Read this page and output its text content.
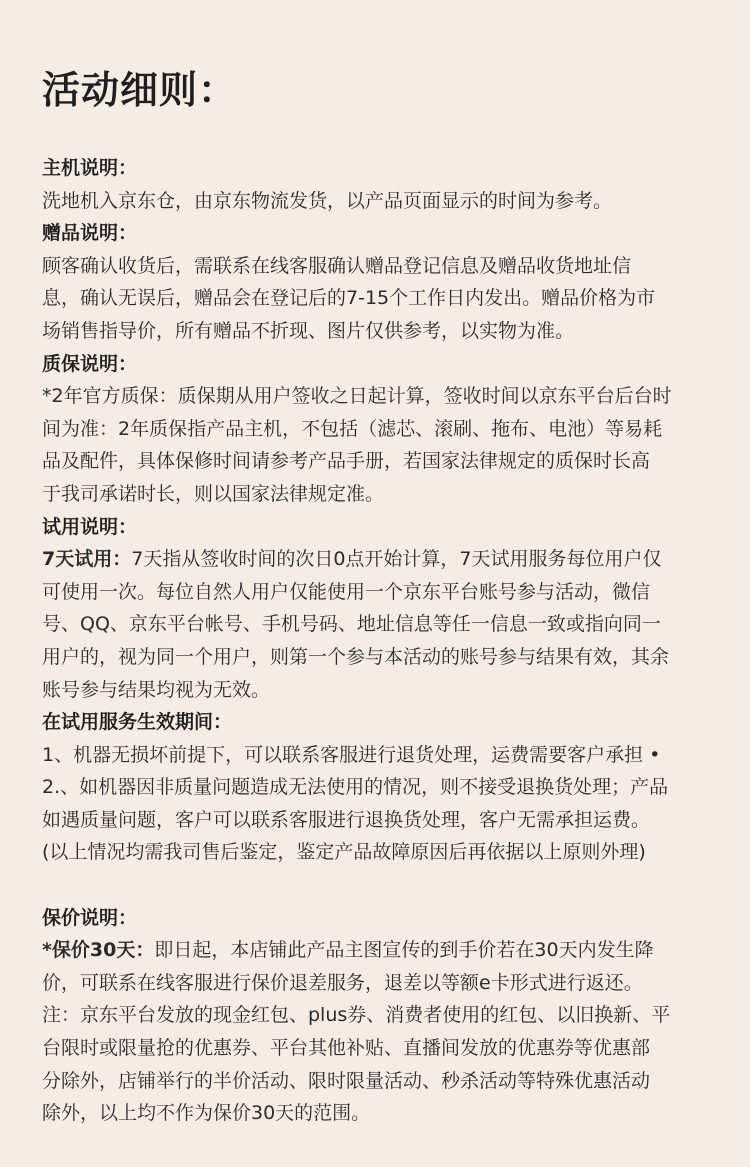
活动细则：
主机说明：
洗地机入京东仓，由京东物流发货，以产品页面显示的时间为参考。
赠品说明：
顾客确认收货后，需联系在线客服确认赠品登记信息及赠品收货地址信
息，确认无误后，赠品会在登记后的7-15个工作日内发出。赠品价格为市
场销售指导价，所有赠品不折现、图片仅供参考，以实物为准。
质保说明：
*2年官方质保：质保期从用户签收之日起计算，签收时间以京东平台后台时
间为准：2年质保指产品主机，不包括（滤芯、滚刷、拖布、电池）等易耗
品及配件，具体保修时间请参考产品手册，若国家法律规定的质保时长高
于我司承诺时长，则以国家法律规定准。
试用说明：
7天试用：7天指从签收时间的次日0点开始计算，7天试用服务每位用户仅
可使用一次。每位自然人用户仅能使用一个京东平台账号参与活动，微信
号、QQ、京东平台帐号、手机号码、地址信息等任一信息一致或指向同一
用户的，视为同一个用户，则第一个参与本活动的账号参与结果有效，其余
账号参与结果均视为无效。
在试用服务生效期间：
1、机器无损坏前提下，可以联系客服进行退货处理，运费需要客户承担 •
2.、如机器因非质量问题造成无法使用的情况，则不接受退换货处理；产品
如遇质量问题，客户可以联系客服进行退换货处理，客户无需承担运费。
(以上情况均需我司售后鉴定，鉴定产品故障原因后再依据以上原则外理)
保价说明：
*保价30天：即日起，本店铺此产品主图宣传的到手价若在30天内发生降
价，可联系在线客服进行保价退差服务，退差以等额e卡形式进行返还。
注：京东平台发放的现金红包、plus券、消费者使用的红包、以旧换新、平
台限时或限量抢的优惠券、平台其他补贴、直播间发放的优惠券等优惠部
分除外，店铺举行的半价活动、限时限量活动、秒杀活动等特殊优惠活动
除外，以上均不作为保价30天的范围。
